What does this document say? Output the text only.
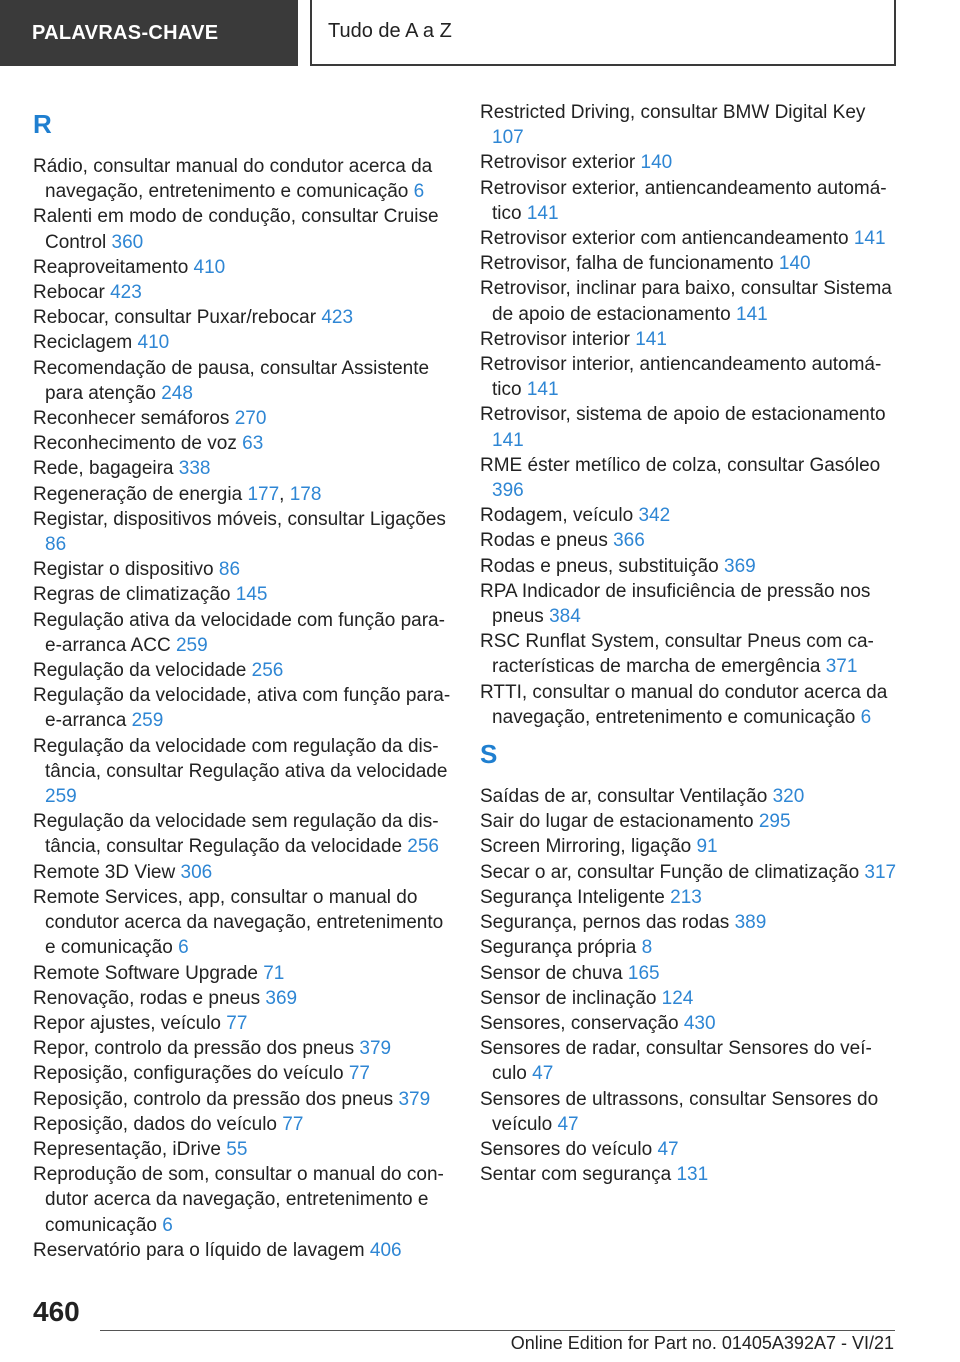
PALAVRAS-CHAVE	Tudo de A a Z
R
Rádio, consultar manual do condutor acerca da navegação, entretenimento e comunicação 6
Ralenti em modo de condução, consultar Cruise Control 360
Reaproveitamento 410
Rebocar 423
Rebocar, consultar Puxar/rebocar 423
Reciclagem 410
Recomendação de pausa, consultar Assistente para atenção 248
Reconhecer semáforos 270
Reconhecimento de voz 63
Rede, bagageira 338
Regeneração de energia 177, 178
Registar, dispositivos móveis, consultar Ligações 86
Registar o dispositivo 86
Regras de climatização 145
Regulação ativa da velocidade com função para-e-arranca ACC 259
Regulação da velocidade 256
Regulação da velocidade, ativa com função para-e-arranca 259
Regulação da velocidade com regulação da distância, consultar Regulação ativa da velocidade 259
Regulação da velocidade sem regulação da distância, consultar Regulação da velocidade 256
Remote 3D View 306
Remote Services, app, consultar o manual do condutor acerca da navegação, entretenimento e comunicação 6
Remote Software Upgrade 71
Renovação, rodas e pneus 369
Repor ajustes, veículo 77
Repor, controlo da pressão dos pneus 379
Reposição, configurações do veículo 77
Reposição, controlo da pressão dos pneus 379
Reposição, dados do veículo 77
Representação, iDrive 55
Reprodução de som, consultar o manual do condutor acerca da navegação, entretenimento e comunicação 6
Reservatório para o líquido de lavagem 406
Restricted Driving, consultar BMW Digital Key 107
Retrovisor exterior 140
Retrovisor exterior, antiencandeamento automático 141
Retrovisor exterior com antiencandeamento 141
Retrovisor, falha de funcionamento 140
Retrovisor, inclinar para baixo, consultar Sistema de apoio de estacionamento 141
Retrovisor interior 141
Retrovisor interior, antiencandeamento automático 141
Retrovisor, sistema de apoio de estacionamento 141
RME éster metílico de colza, consultar Gasóleo 396
Rodagem, veículo 342
Rodas e pneus 366
Rodas e pneus, substituição 369
RPA Indicador de insuficiência de pressão nos pneus 384
RSC Runflat System, consultar Pneus com características de marcha de emergência 371
RTTI, consultar o manual do condutor acerca da navegação, entretenimento e comunicação 6
S
Saídas de ar, consultar Ventilação 320
Sair do lugar de estacionamento 295
Screen Mirroring, ligação 91
Secar o ar, consultar Função de climatização 317
Segurança Inteligente 213
Segurança, pernos das rodas 389
Segurança própria 8
Sensor de chuva 165
Sensor de inclinação 124
Sensores, conservação 430
Sensores de radar, consultar Sensores do veículo 47
Sensores de ultrassons, consultar Sensores do veículo 47
Sensores do veículo 47
Sentar com segurança 131
460
Online Edition for Part no. 01405A392A7 - VI/21
